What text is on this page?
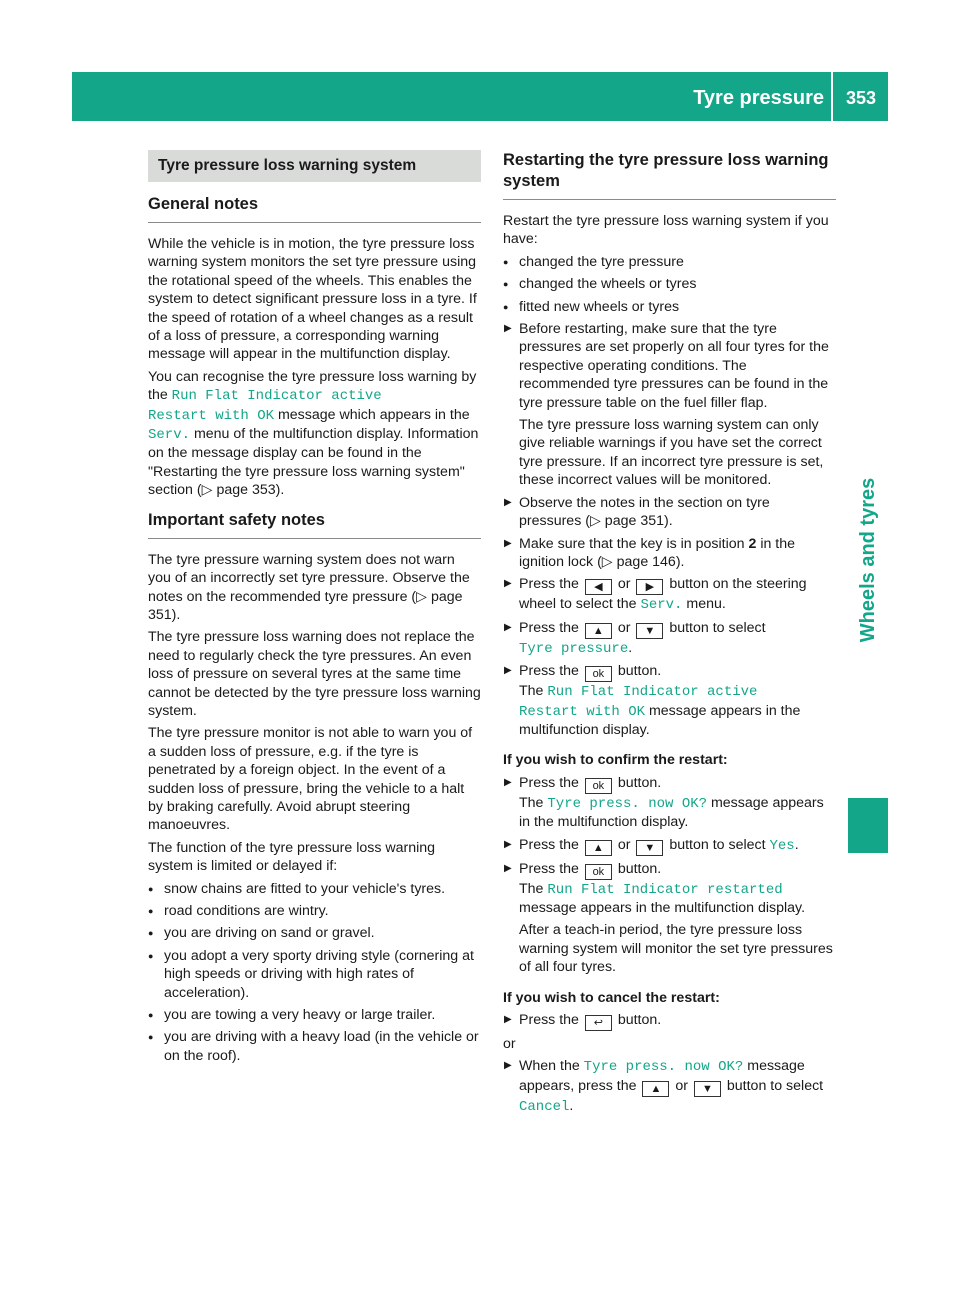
Tyre pressure	353
Wheels and tyres
Tyre pressure loss warning system
General notes

While the vehicle is in motion, the tyre pressure loss warning system monitors the set tyre pressure using the rotational speed of the wheels. This enables the system to detect significant pressure loss in a tyre. If the speed of rotation of a wheel changes as a result of a loss of pressure, a corresponding warning message will appear in the multifunction display.

You can recognise the tyre pressure loss warning by the Run Flat Indicator active
Restart with OK message which appears in the Serv. menu of the multifunction display. Information on the message display can be found in the "Restarting the tyre pressure loss warning system" section (▷ page 353).

Important safety notes

The tyre pressure warning system does not warn you of an incorrectly set tyre pressure. Observe the notes on the recommended tyre pressure (▷ page 351).

The tyre pressure loss warning does not replace the need to regularly check the tyre pressures. An even loss of pressure on several tyres at the same time cannot be detected by the tyre pressure loss warning system.

The tyre pressure monitor is not able to warn you of a sudden loss of pressure, e.g. if the tyre is penetrated by a foreign object. In the event of a sudden loss of pressure, bring the vehicle to a halt by braking carefully. Avoid abrupt steering manoeuvres.

The function of the tyre pressure loss warning system is limited or delayed if:

● snow chains are fitted to your vehicle's tyres.
● road conditions are wintry.
● you are driving on sand or gravel.
● you adopt a very sporty driving style (cornering at high speeds or driving with high rates of acceleration).
● you are towing a very heavy or large trailer.
● you are driving with a heavy load (in the vehicle or on the roof).
Restarting the tyre pressure loss warning system

Restart the tyre pressure loss warning system if you have:

● changed the tyre pressure
● changed the wheels or tyres
● fitted new wheels or tyres
▶ Before restarting, make sure that the tyre pressures are set properly on all four tyres for the respective operating conditions. The recommended tyre pressures can be found in the tyre pressure table on the fuel filler flap.
The tyre pressure loss warning system can only give reliable warnings if you have set the correct tyre pressure. If an incorrect tyre pressure is set, these incorrect values will be monitored.
▶ Observe the notes in the section on tyre pressures (▷ page 351).
▶ Make sure that the key is in position 2 in the ignition lock (▷ page 146).
▶ Press the ◀ or ▶ button on the steering wheel to select the Serv. menu.
▶ Press the ▲ or ▼ button to select
Tyre pressure.
▶ Press the ok button.
The Run Flat Indicator active
Restart with OK message appears in the multifunction display.

If you wish to confirm the restart:

▶ Press the ok button.
The Tyre press. now OK? message appears in the multifunction display.
▶ Press the ▲ or ▼ button to select Yes.
▶ Press the ok button.
The Run Flat Indicator restarted message appears in the multifunction display.
After a teach-in period, the tyre pressure loss warning system will monitor the set tyre pressures of all four tyres.

If you wish to cancel the restart:

▶ Press the ↩ button.

or

▶ When the Tyre press. now OK? message appears, press the ▲ or ▼ button to select
Cancel.
